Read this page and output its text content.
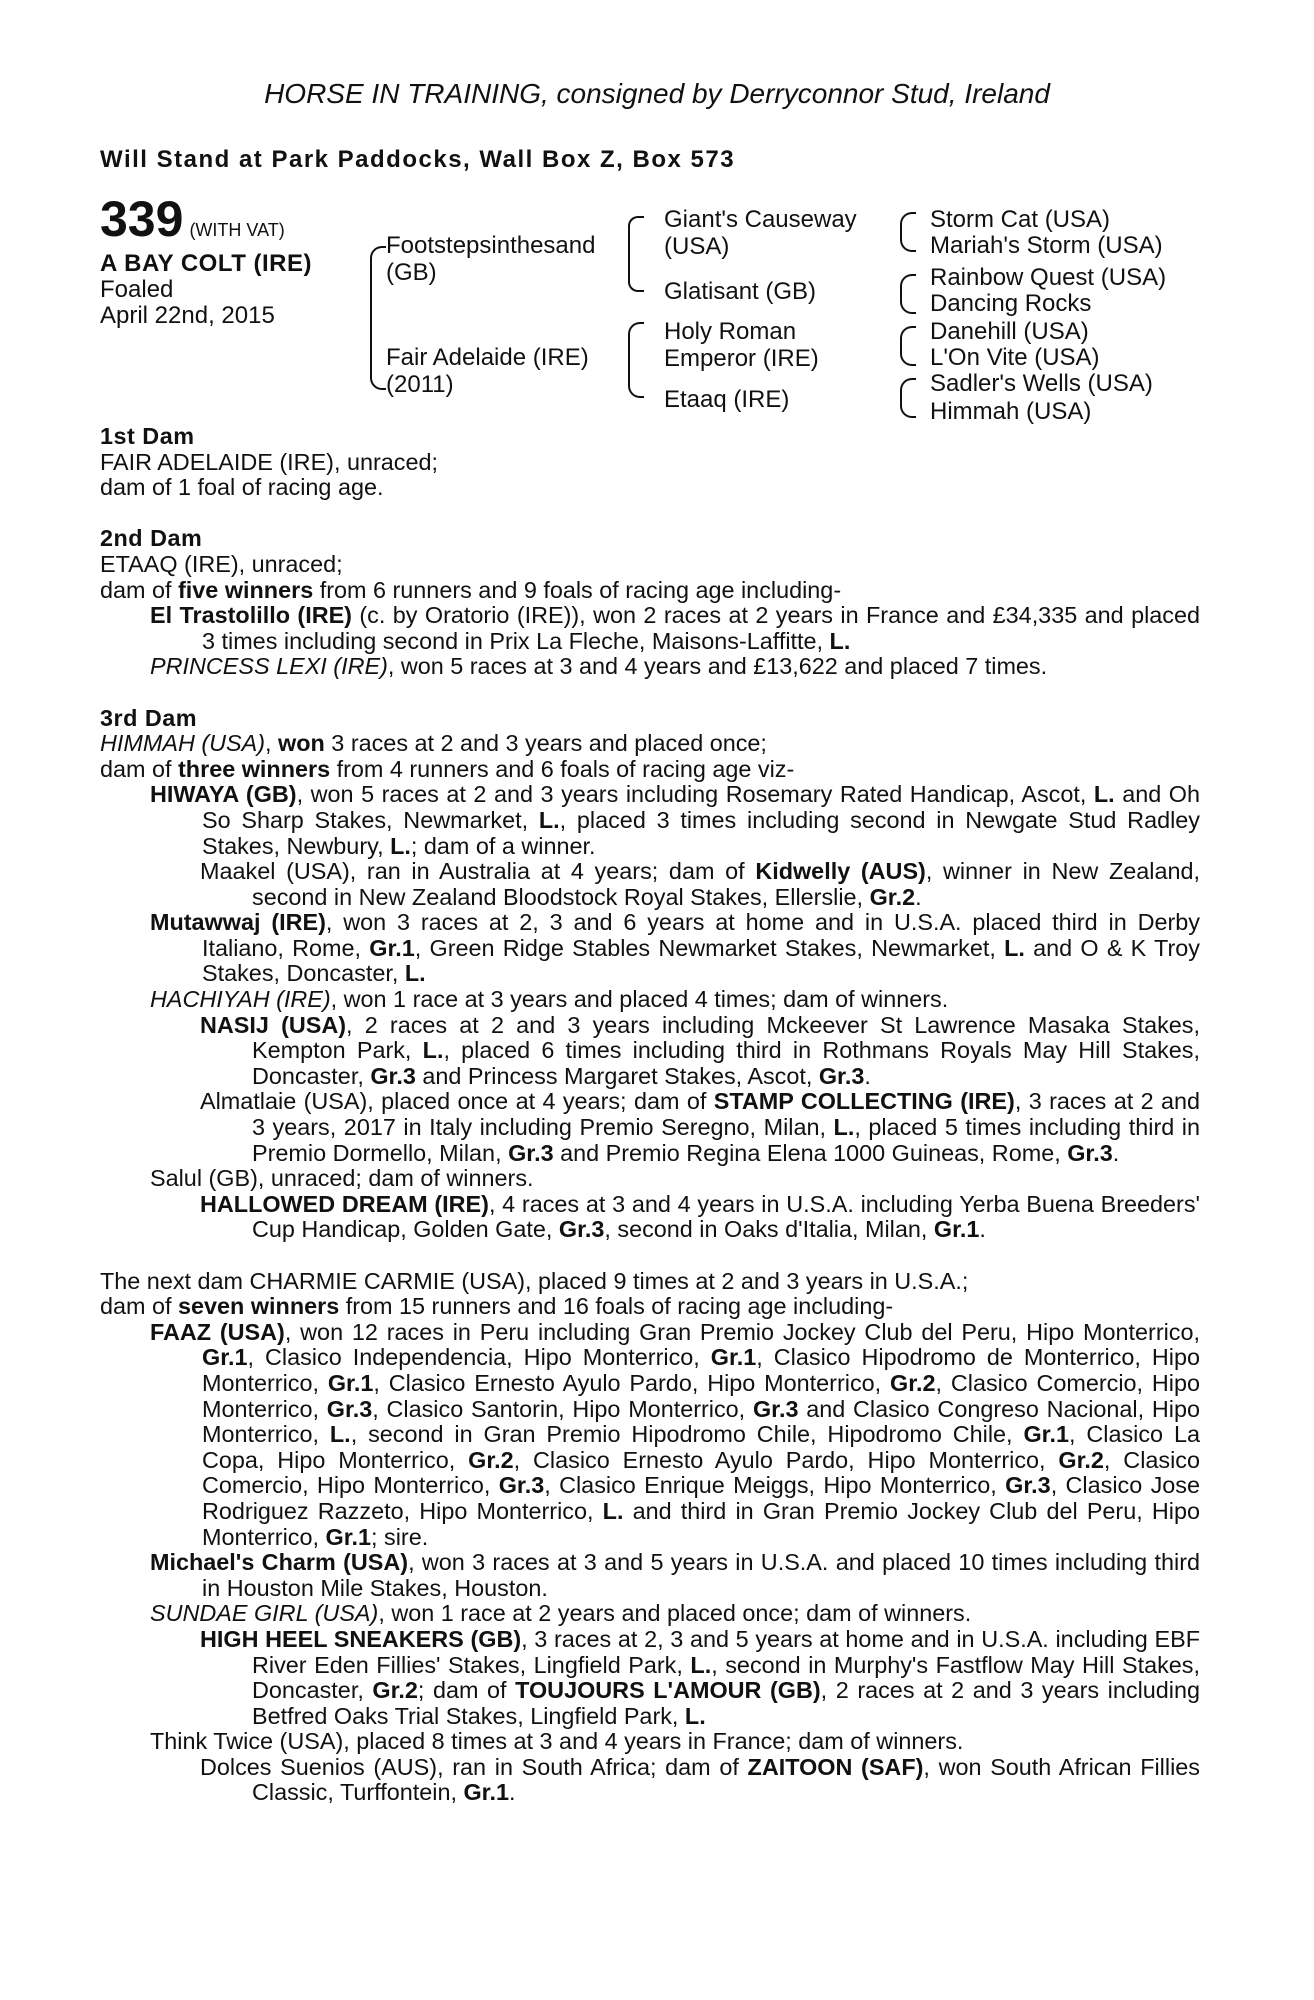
HORSE IN TRAINING, consigned by Derryconnor Stud, Ireland
Will Stand at Park Paddocks, Wall Box Z, Box 573
339 (WITH VAT)
A BAY COLT (IRE)
Foaled
April 22nd, 2015
Footstepsinthesand
(GB)
Fair Adelaide (IRE)
(2011)
Giant's Causeway
(USA)
Glatisant (GB)
Holy Roman
Emperor (IRE)
Etaaq (IRE)
Storm Cat (USA)
Mariah's Storm (USA)
Rainbow Quest (USA)
Dancing Rocks
Danehill (USA)
L'On Vite (USA)
Sadler's Wells (USA)
Himmah (USA)

1st Dam

FAIR ADELAIDE (IRE), unraced;

dam of 1 foal of racing age.

2nd Dam

ETAAQ (IRE), unraced;

dam of five winners from 6 runners and 9 foals of racing age including-

El Trastolillo (IRE) (c. by Oratorio (IRE)), won 2 races at 2 years in France and £34,335 and placed 3 times including second in Prix La Fleche, Maisons-Laffitte, L.

PRINCESS LEXI (IRE), won 5 races at 3 and 4 years and £13,622 and placed 7 times.

3rd Dam

HIMMAH (USA), won 3 races at 2 and 3 years and placed once;

dam of three winners from 4 runners and 6 foals of racing age viz-

HIWAYA (GB), won 5 races at 2 and 3 years including Rosemary Rated Handicap, Ascot, L. and Oh So Sharp Stakes, Newmarket, L., placed 3 times including second in Newgate Stud Radley Stakes, Newbury, L.; dam of a winner.

Maakel (USA), ran in Australia at 4 years; dam of Kidwelly (AUS), winner in New Zealand, second in New Zealand Bloodstock Royal Stakes, Ellerslie, Gr.2.

Mutawwaj (IRE), won 3 races at 2, 3 and 6 years at home and in U.S.A. placed third in Derby Italiano, Rome, Gr.1, Green Ridge Stables Newmarket Stakes, Newmarket, L. and O & K Troy Stakes, Doncaster, L.

HACHIYAH (IRE), won 1 race at 3 years and placed 4 times; dam of winners.

NASIJ (USA), 2 races at 2 and 3 years including Mckeever St Lawrence Masaka Stakes, Kempton Park, L., placed 6 times including third in Rothmans Royals May Hill Stakes, Doncaster, Gr.3 and Princess Margaret Stakes, Ascot, Gr.3.

Almatlaie (USA), placed once at 4 years; dam of STAMP COLLECTING (IRE), 3 races at 2 and 3 years, 2017 in Italy including Premio Seregno, Milan, L., placed 5 times including third in Premio Dormello, Milan, Gr.3 and Premio Regina Elena 1000 Guineas, Rome, Gr.3.

Salul (GB), unraced; dam of winners.

HALLOWED DREAM (IRE), 4 races at 3 and 4 years in U.S.A. including Yerba Buena Breeders' Cup Handicap, Golden Gate, Gr.3, second in Oaks d'Italia, Milan, Gr.1.

The next dam CHARMIE CARMIE (USA), placed 9 times at 2 and 3 years in U.S.A.;

dam of seven winners from 15 runners and 16 foals of racing age including-

FAAZ (USA), won 12 races in Peru including Gran Premio Jockey Club del Peru, Hipo Monterrico, Gr.1, Clasico Independencia, Hipo Monterrico, Gr.1, Clasico Hipodromo de Monterrico, Hipo Monterrico, Gr.1, Clasico Ernesto Ayulo Pardo, Hipo Monterrico, Gr.2, Clasico Comercio, Hipo Monterrico, Gr.3, Clasico Santorin, Hipo Monterrico, Gr.3 and Clasico Congreso Nacional, Hipo Monterrico, L., second in Gran Premio Hipodromo Chile, Hipodromo Chile, Gr.1, Clasico La Copa, Hipo Monterrico, Gr.2, Clasico Ernesto Ayulo Pardo, Hipo Monterrico, Gr.2, Clasico Comercio, Hipo Monterrico, Gr.3, Clasico Enrique Meiggs, Hipo Monterrico, Gr.3, Clasico Jose Rodriguez Razzeto, Hipo Monterrico, L. and third in Gran Premio Jockey Club del Peru, Hipo Monterrico, Gr.1; sire.

Michael's Charm (USA), won 3 races at 3 and 5 years in U.S.A. and placed 10 times including third in Houston Mile Stakes, Houston.

SUNDAE GIRL (USA), won 1 race at 2 years and placed once; dam of winners.

HIGH HEEL SNEAKERS (GB), 3 races at 2, 3 and 5 years at home and in U.S.A. including EBF River Eden Fillies' Stakes, Lingfield Park, L., second in Murphy's Fastflow May Hill Stakes, Doncaster, Gr.2; dam of TOUJOURS L'AMOUR (GB), 2 races at 2 and 3 years including Betfred Oaks Trial Stakes, Lingfield Park, L.

Think Twice (USA), placed 8 times at 3 and 4 years in France; dam of winners.

Dolces Suenios (AUS), ran in South Africa; dam of ZAITOON (SAF), won South African Fillies Classic, Turffontein, Gr.1.
